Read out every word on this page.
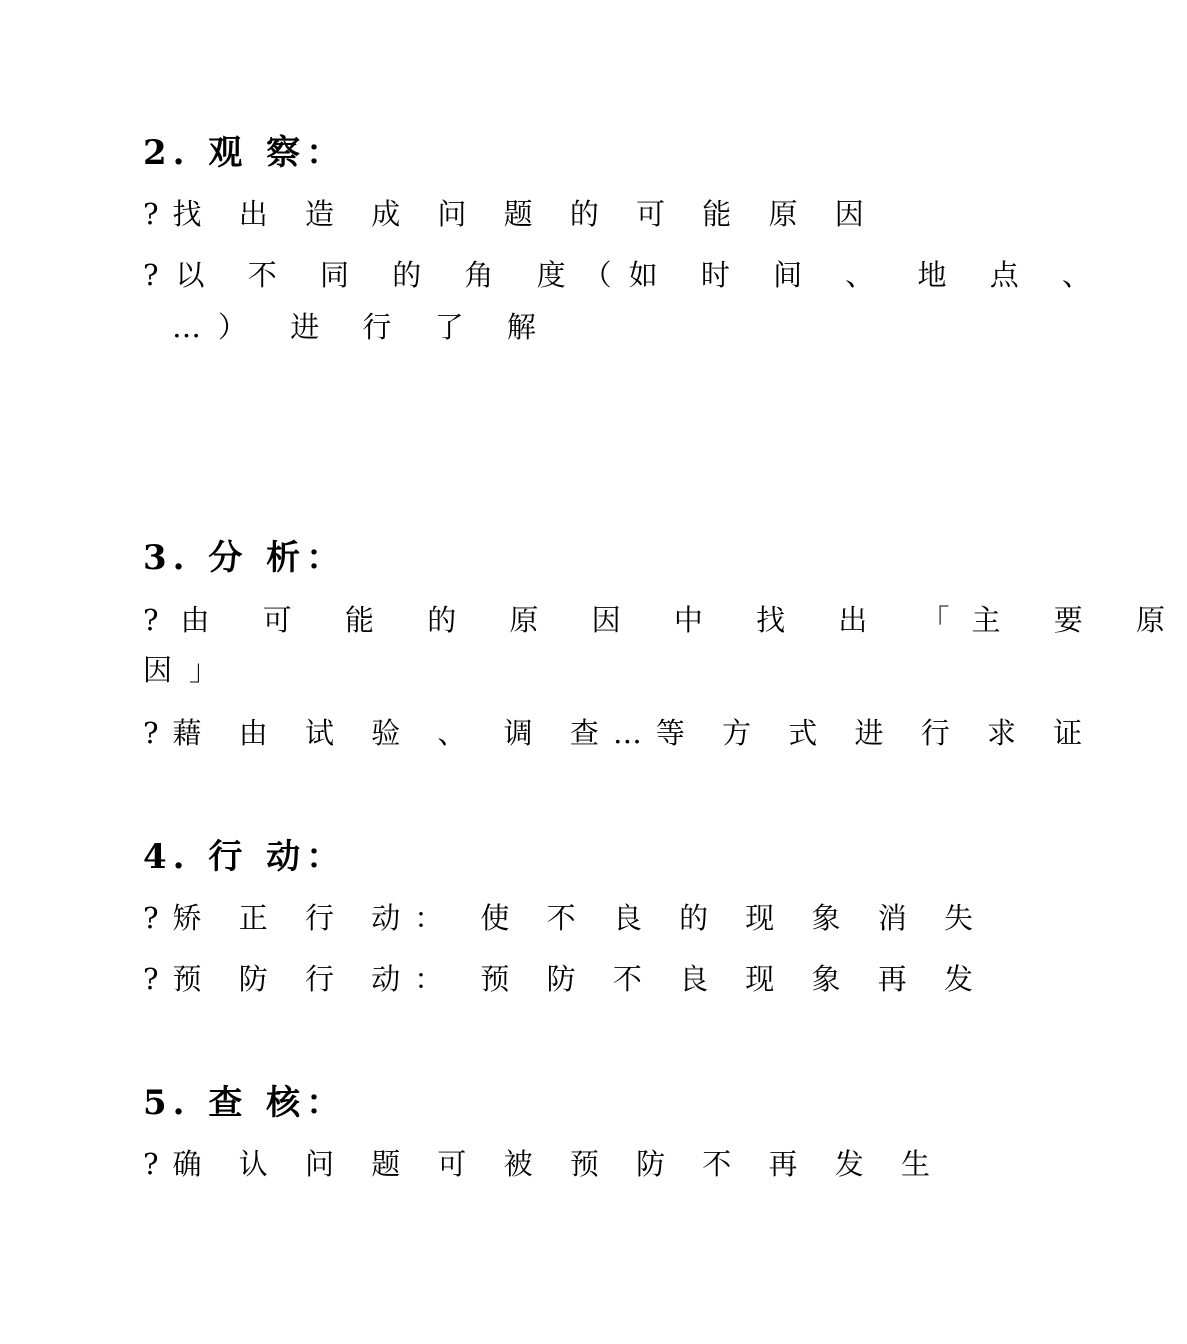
2. 观 察：
?找 出 造 成 问 题 的 可 能 原 因
?以 不 同 的 角 度（如 时 间 、 地 点 、
…） 进 行 了 解
3. 分 析：
?由 可 能 的 原 因 中 找 出 「主 要 原
因」
?藉 由 试 验 、 调 查…等 方 式 进 行 求 证
4. 行 动：
?矫 正 行 动： 使 不 良 的 现 象 消 失
?预 防 行 动： 预 防 不 良 现 象 再 发
5. 查 核：
?确 认 问 题 可 被 预 防 不 再 发 生
